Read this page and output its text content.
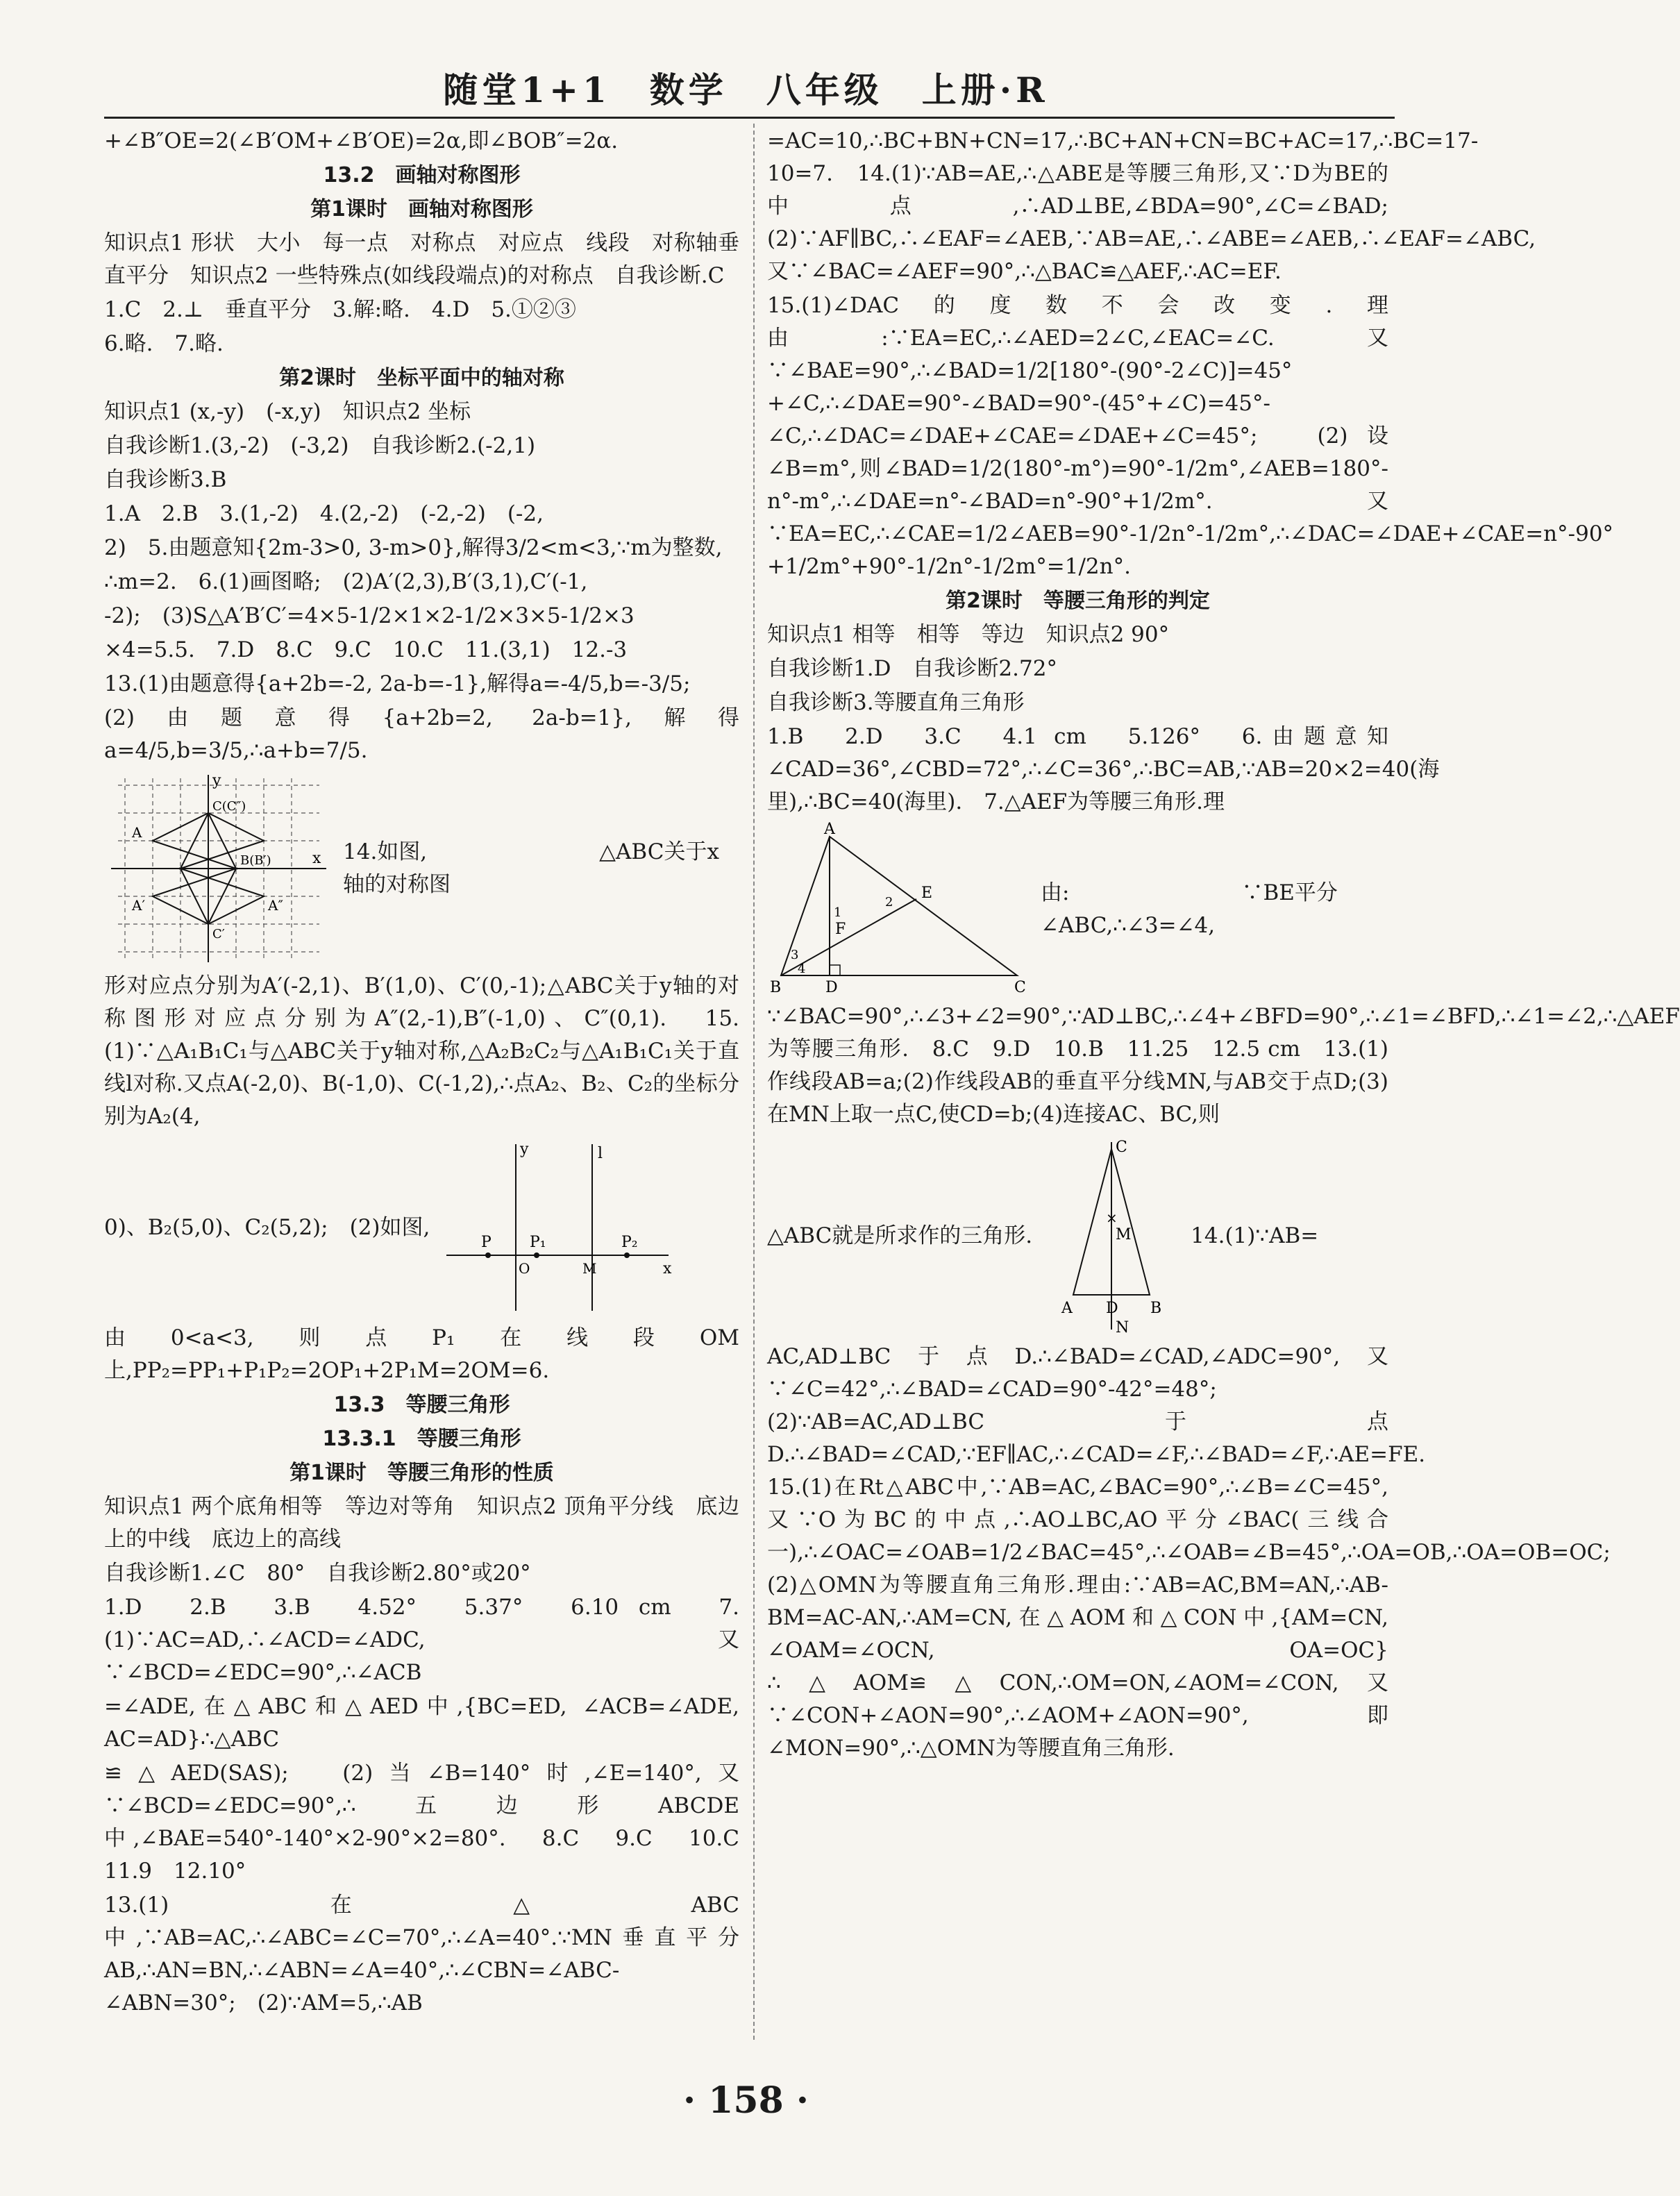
随堂1+1　数学　八年级　上册·R

+∠B″OE=2(∠B′OM+∠B′OE)=2α,即∠BOB″=2α.

13.2　画轴对称图形

第1课时　画轴对称图形

知识点1 形状　大小　每一点　对称点　对应点　线段　对称轴垂直平分　知识点2 一些特殊点(如线段端点)的对称点　自我诊断.C

1.C　2.⊥　垂直平分　3.解:略.　4.D　5.①②③

6.略.　7.略.

第2课时　坐标平面中的轴对称

知识点1 (x,-y)　(-x,y)　知识点2 坐标

自我诊断1.(3,-2)　(-3,2)　自我诊断2.(-2,1)

自我诊断3.B

1.A　2.B　3.(1,-2)　4.(2,-2)　(-2,-2)　(-2,

2)　5.由题意知{2m-3>0, 3-m>0},解得3/2<m<3,∵m为整数,

∴m=2.　6.(1)画图略;　(2)A′(2,3),B′(3,1),C′(-1,

-2);　(3)S△A′B′C′=4×5-1/2×1×2-1/2×3×5-1/2×3

×4=5.5.　7.D　8.C　9.C　10.C　11.(3,1)　12.-3

13.(1)由题意得{a+2b=-2, 2a-b=-1},解得a=-4/5,b=-3/5;

(2)由题意得{a+2b=2, 2a-b=1},解得a=4/5,b=3/5,∴a+b=7/5.

x
y
A
A′	A″
C(C″)
C′
B(B′)	14.如图,　　　　　　　　△ABC关于x轴的对称图

形对应点分别为A′(-2,1)、B′(1,0)、C′(0,-1);△ABC关于y轴的对称图形对应点分别为A″(2,-1),B″(-1,0)、C″(0,1).　15.(1)∵△A₁B₁C₁与△ABC关于y轴对称,△A₂B₂C₂与△A₁B₁C₁关于直线l对称.又点A(-2,0)、B(-1,0)、C(-1,2),∴点A₂、B₂、C₂的坐标分别为A₂(4,

0)、B₂(5,0)、C₂(5,2);　(2)如图,
P	P₁	P₂
x
y	l
M
O

由0<a<3,则点P₁在线段OM上,PP₂=PP₁+P₁P₂=2OP₁+2P₁M=2OM=6.

13.3　等腰三角形

13.3.1　等腰三角形

第1课时　等腰三角形的性质

知识点1 两个底角相等　等边对等角　知识点2 顶角平分线　底边上的中线　底边上的高线

自我诊断1.∠C　80°　自我诊断2.80°或20°

1.D　2.B　3.B　4.52°　5.37°　6.10 cm　7.(1)∵AC=AD,∴∠ACD=∠ADC,又∵∠BCD=∠EDC=90°,∴∠ACB

=∠ADE,在△ABC和△AED中,{BC=ED, ∠ACB=∠ADE, AC=AD}∴△ABC

≌△AED(SAS);　(2)当∠B=140°时,∠E=140°,又∵∠BCD=∠EDC=90°,∴五边形ABCDE中,∠BAE=540°-140°×2-90°×2=80°.　8.C　9.C　10.C　11.9　12.10°

13.(1)在△ABC中,∵AB=AC,∴∠ABC=∠C=70°,∴∠A=40°.∵MN垂直平分AB,∴AN=BN,∴∠ABN=∠A=40°,∴∠CBN=∠ABC-∠ABN=30°;　(2)∵AM=5,∴AB

=AC=10,∴BC+BN+CN=17,∴BC+AN+CN=BC+AC=17,∴BC=17-10=7.　14.(1)∵AB=AE,∴△ABE是等腰三角形,又∵D为BE的中点,∴AD⊥BE,∠BDA=90°,∠C=∠BAD;　(2)∵AF∥BC,∴∠EAF=∠AEB,∵AB=AE,∴∠ABE=∠AEB,∴∠EAF=∠ABC,又∵∠BAC=∠AEF=90°,∴△BAC≌△AEF,∴AC=EF.

15.(1)∠DAC的度数不会改变.理由:∵EA=EC,∴∠AED=2∠C,∠EAC=∠C.又∵∠BAE=90°,∴∠BAD=1/2[180°-(90°-2∠C)]=45°+∠C,∴∠DAE=90°-∠BAD=90°-(45°+∠C)=45°-∠C,∴∠DAC=∠DAE+∠CAE=∠DAE+∠C=45°;　(2)设∠B=m°,则∠BAD=1/2(180°-m°)=90°-1/2m°,∠AEB=180°-n°-m°,∴∠DAE=n°-∠BAD=n°-90°+1/2m°.又∵EA=EC,∴∠CAE=1/2∠AEB=90°-1/2n°-1/2m°,∴∠DAC=∠DAE+∠CAE=n°-90°+1/2m°+90°-1/2n°-1/2m°=1/2n°.

第2课时　等腰三角形的判定

知识点1 相等　相等　等边　知识点2 90°

自我诊断1.D　自我诊断2.72°

自我诊断3.等腰直角三角形

1.B　2.D　3.C　4.1 cm　5.126°　6.由题意知∠CAD=36°,∠CBD=72°,∴∠C=36°,∴BC=AB,∵AB=20×2=40(海里),∴BC=40(海里).　7.△AEF为等腰三角形.理

A
B	D	C
E
F
1
2
3
4
由:　　　　　　　　∵BE平分∠ABC,∴∠3=∠4,

∵∠BAC=90°,∴∠3+∠2=90°,∵AD⊥BC,∴∠4+∠BFD=90°,∴∠1=∠BFD,∴∠1=∠2,∴△AEF为等腰三角形.　8.C　9.D　10.B　11.25　12.5 cm　13.(1)作线段AB=a;(2)作线段AB的垂直平分线MN,与AB交于点D;(3)在MN上取一点C,使CD=b;(4)连接AC、BC,则

△ABC就是所求作的三角形.
C
M
A D B
N
×
14.(1)∵AB=

AC,AD⊥BC于点D.∴∠BAD=∠CAD,∠ADC=90°,又∵∠C=42°,∴∠BAD=∠CAD=90°-42°=48°;　(2)∵AB=AC,AD⊥BC于点D.∴∠BAD=∠CAD,∵EF∥AC,∴∠CAD=∠F,∴∠BAD=∠F,∴AE=FE.　15.(1)在Rt△ABC中,∵AB=AC,∠BAC=90°,∴∠B=∠C=45°,又∵O为BC的中点,∴AO⊥BC,AO平分∠BAC(三线合一),∴∠OAC=∠OAB=1/2∠BAC=45°,∴∠OAB=∠B=45°,∴OA=OB,∴OA=OB=OC;　(2)△OMN为等腰直角三角形.理由:∵AB=AC,BM=AN,∴AB-BM=AC-AN,∴AM=CN,在△AOM和△CON中,{AM=CN, ∠OAM=∠OCN, OA=OC}∴△AOM≌△CON,∴OM=ON,∠AOM=∠CON,又∵∠CON+∠AON=90°,∴∠AOM+∠AON=90°,即∠MON=90°,∴△OMN为等腰直角三角形.

· 158 ·
